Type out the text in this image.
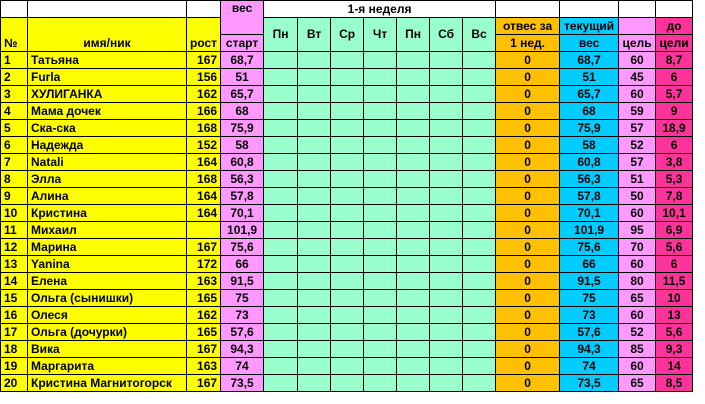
			вес	1-я неделя										
№	имя/ник	рост		Пн	Вт	Ср	Чт	Пн	Сб	Вс	отвес за	текущий		до
			старт								1 нед.	вес	цель	цели
1	Татьяна	167	68,7								0	68,7	60	8,7
2	Furla	156	51								0	51	45	6
3	ХУЛИГАНКА	162	65,7								0	65,7	60	5,7
4	Мама дочек	166	68								0	68	59	9
5	Ска-ска	168	75,9								0	75,9	57	18,9
6	Надежда	152	58								0	58	52	6
7	Natali	164	60,8								0	60,8	57	3,8
8	Элла	168	56,3								0	56,3	51	5,3
9	Алина	164	57,8								0	57,8	50	7,8
10	Кристина	164	70,1								0	70,1	60	10,1
11	Михаил		101,9								0	101,9	95	6,9
12	Марина	167	75,6								0	75,6	70	5,6
13	Yanina	172	66								0	66	60	6
14	Елена	163	91,5								0	91,5	80	11,5
15	Ольга (сынишки)	165	75								0	75	65	10
16	Олеся	162	73								0	73	60	13
17	Ольга (дочурки)	165	57,6								0	57,6	52	5,6
18	Вика	167	94,3								0	94,3	85	9,3
19	Маргарита	163	74								0	74	60	14
20	Кристина Магнитогорск	167	73,5								0	73,5	65	8,5
